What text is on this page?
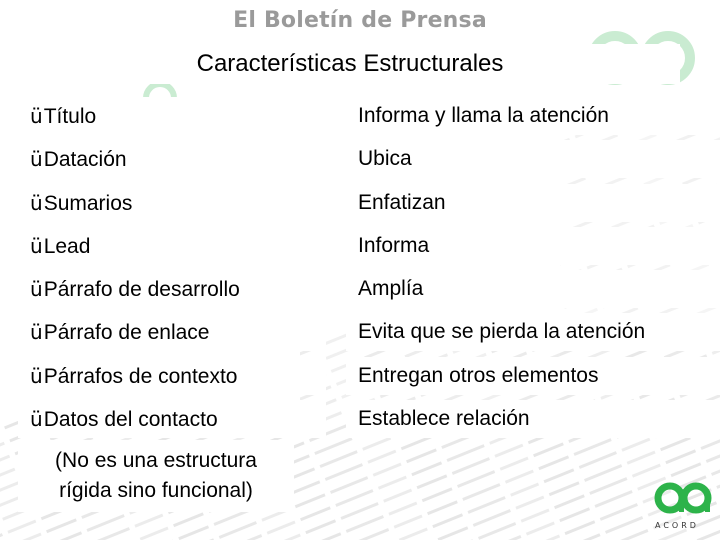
El Boletín de Prensa
Características Estructurales
üTítulo	Informa y llama la atención
üDatación	Ubica
üSumarios	Enfatizan
üLead	Informa
üPárrafo de desarrollo	Amplía
üPárrafo de enlace	Evita que se pierda la atención
üPárrafos de contexto	Entregan otros elementos
üDatos del contacto	Establece relación
(No es una estructura
rígida sino funcional)
ACORD
